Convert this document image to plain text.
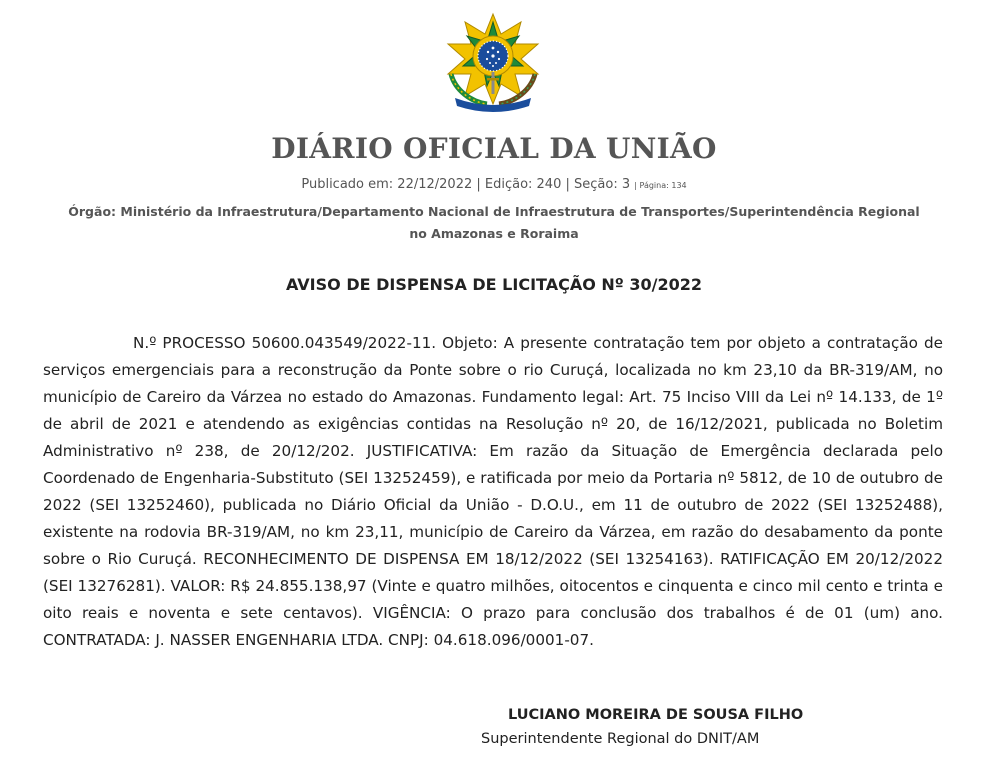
DIÁRIO OFICIAL DA UNIÃO
Publicado em: 22/12/2022 | Edição: 240 | Seção: 3 | Página: 134
Órgão: Ministério da Infraestrutura/Departamento Nacional de Infraestrutura de Transportes/Superintendência Regional no Amazonas e Roraima
AVISO DE DISPENSA DE LICITAÇÃO Nº 30/2022

N.º PROCESSO 50600.043549/2022-11. Objeto: A presente contratação tem por objeto a contratação de serviços emergenciais para a reconstrução da Ponte sobre o rio Curuçá, localizada no km 23,10 da BR-319/AM, no município de Careiro da Várzea no estado do Amazonas. Fundamento legal: Art. 75 Inciso VIII da Lei nº 14.133, de 1º de abril de 2021 e atendendo as exigências contidas na Resolução nº 20, de 16/12/2021, publicada no Boletim Administrativo nº 238, de 20/12/202. JUSTIFICATIVA: Em razão da Situação de Emergência declarada pelo Coordenado de Engenharia-Substituto (SEI 13252459), e ratificada por meio da Portaria nº 5812, de 10 de outubro de 2022 (SEI 13252460), publicada no Diário Oficial da União - D.O.U., em 11 de outubro de 2022 (SEI 13252488), existente na rodovia BR-319/AM, no km 23,11, município de Careiro da Várzea, em razão do desabamento da ponte sobre o Rio Curuçá. RECONHECIMENTO DE DISPENSA EM 18/12/2022 (SEI 13254163). RATIFICAÇÃO EM 20/12/2022 (SEI 13276281). VALOR: R$ 24.855.138,97 (Vinte e quatro milhões, oitocentos e cinquenta e cinco mil cento e trinta e oito reais e noventa e sete centavos). VIGÊNCIA: O prazo para conclusão dos trabalhos é de 01 (um) ano. CONTRATADA: J. NASSER ENGENHARIA LTDA. CNPJ: 04.618.096/0001-07.

LUCIANO MOREIRA DE SOUSA FILHO
Superintendente Regional do DNIT/AM
